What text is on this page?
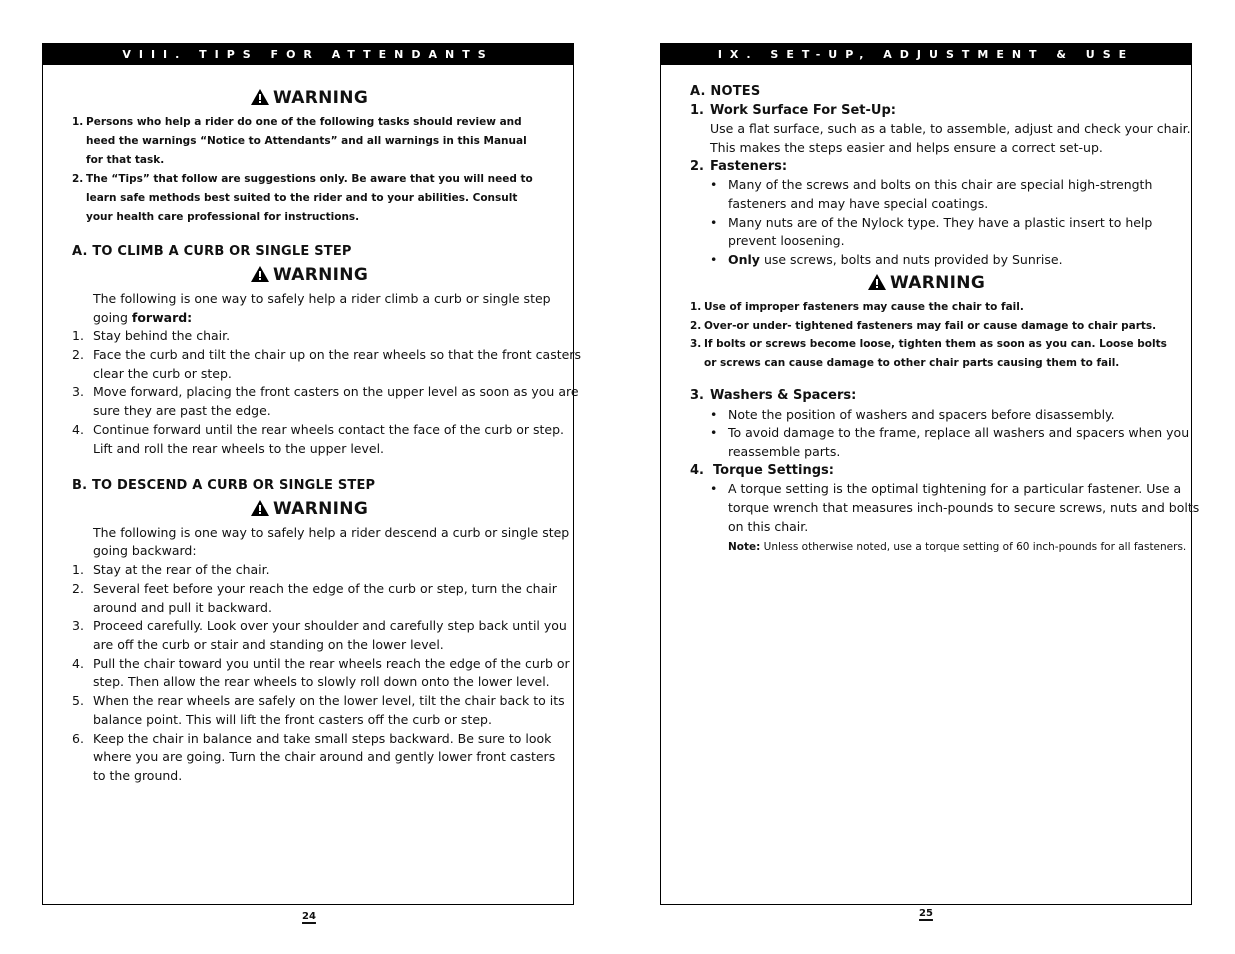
VIII. TIPS FOR ATTENDANTS
WARNING
1. Persons who help a rider do one of the following tasks should review and
heed the warnings “Notice to Attendants” and all warnings in this Manual
for that task.
2. The “Tips” that follow are suggestions only. Be aware that you will need to
learn safe methods best suited to the rider and to your abilities. Consult
your health care professional for instructions.
A. TO CLIMB A CURB OR SINGLE STEP
WARNING
The following is one way to safely help a rider climb a curb or single step
going forward:
1. Stay behind the chair.
2. Face the curb and tilt the chair up on the rear wheels so that the front casters
clear the curb or step.
3. Move forward, placing the front casters on the upper level as soon as you are
sure they are past the edge.
4. Continue forward until the rear wheels contact the face of the curb or step.
Lift and roll the rear wheels to the upper level.
B. TO DESCEND A CURB OR SINGLE STEP
WARNING
The following is one way to safely help a rider descend a curb or single step
going backward:
1. Stay at the rear of the chair.
2. Several feet before your reach the edge of the curb or step, turn the chair
around and pull it backward.
3. Proceed carefully. Look over your shoulder and carefully step back until you
are off the curb or stair and standing on the lower level.
4. Pull the chair toward you until the rear wheels reach the edge of the curb or
step. Then allow the rear wheels to slowly roll down onto the lower level.
5. When the rear wheels are safely on the lower level, tilt the chair back to its
balance point. This will lift the front casters off the curb or step.
6. Keep the chair in balance and take small steps backward. Be sure to look
where you are going. Turn the chair around and gently lower front casters
to the ground.
24
IX. SET-UP, ADJUSTMENT & USE
A. NOTES
1. Work Surface For Set-Up:
Use a flat surface, such as a table, to assemble, adjust and check your chair.
This makes the steps easier and helps ensure a correct set-up.
2. Fasteners:
• Many of the screws and bolts on this chair are special high-strength
fasteners and may have special coatings.
• Many nuts are of the Nylock type. They have a plastic insert to help
prevent loosening.
• Only use screws, bolts and nuts provided by Sunrise.
WARNING
1. Use of improper fasteners may cause the chair to fail.
2. Over-or under- tightened fasteners may fail or cause damage to chair parts.
3. If bolts or screws become loose, tighten them as soon as you can. Loose bolts
or screws can cause damage to other chair parts causing them to fail.
3. Washers & Spacers:
• Note the position of washers and spacers before disassembly.
• To avoid damage to the frame, replace all washers and spacers when you
reassemble parts.
4. Torque Settings:
• A torque setting is the optimal tightening for a particular fastener. Use a
torque wrench that measures inch-pounds to secure screws, nuts and bolts
on this chair.
Note: Unless otherwise noted, use a torque setting of 60 inch-pounds for all fasteners.
25
